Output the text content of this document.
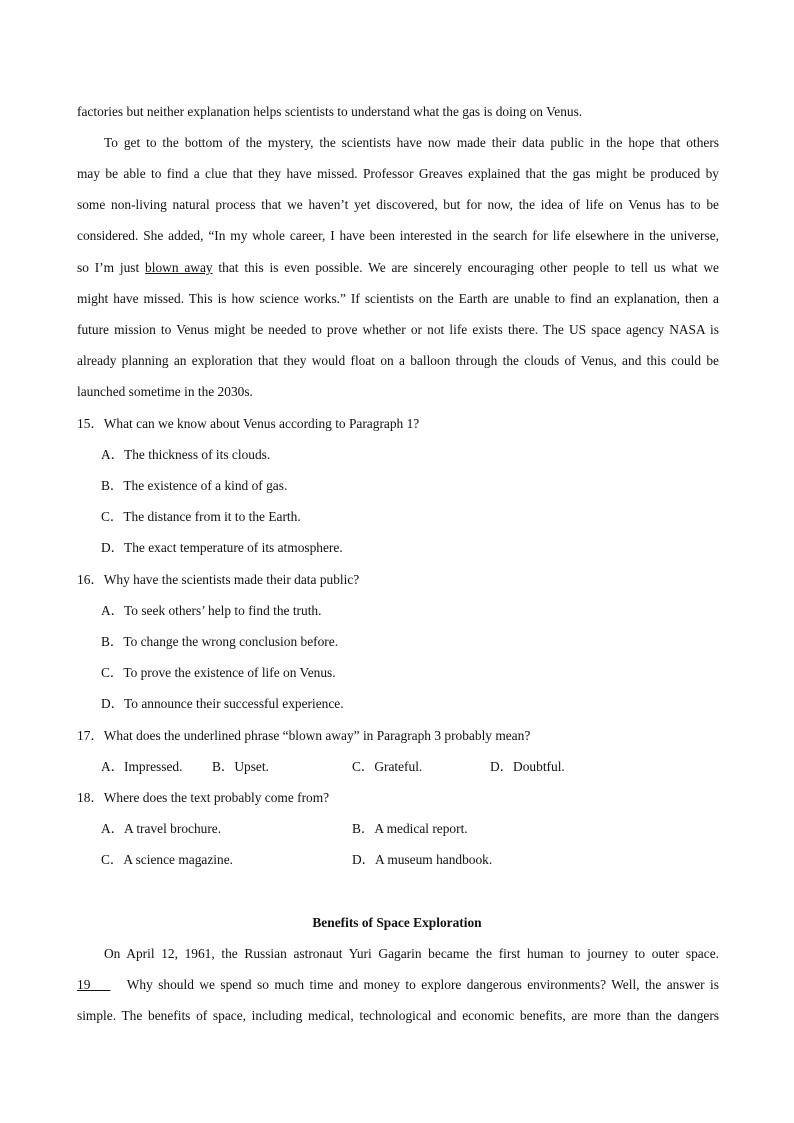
factories but neither explanation helps scientists to understand what the gas is doing on Venus.
To get to the bottom of the mystery, the scientists have now made their data public in the hope that others
may be able to find a clue that they have missed. Professor Greaves explained that the gas might be produced by
some non-living natural process that we haven’t yet discovered, but for now, the idea of life on Venus has to be
considered. She added, “In my whole career, I have been interested in the search for life elsewhere in the universe,
so I’m just blown away that this is even possible. We are sincerely encouraging other people to tell us what we
might have missed. This is how science works.” If scientists on the Earth are unable to find an explanation, then a
future mission to Venus might be needed to prove whether or not life exists there. The US space agency NASA is
already planning an exploration that they would float on a balloon through the clouds of Venus, and this could be
launched sometime in the 2030s.
15．What can we know about Venus according to Paragraph 1?
A．The thickness of its clouds.
B．The existence of a kind of gas.
C．The distance from it to the Earth.
D．The exact temperature of its atmosphere.
16．Why have the scientists made their data public?
A．To seek others’ help to find the truth.
B．To change the wrong conclusion before.
C．To prove the existence of life on Venus.
D．To announce their successful experience.
17．What does the underlined phrase “blown away” in Paragraph 3 probably mean?
A．Impressed. B．Upset.	C．Grateful.	D．Doubtful.
18．Where does the text probably come from?
A．A travel brochure.	B．A medical report.
C．A science magazine.	D．A museum handbook.
Benefits of Space Exploration
On April 12, 1961, the Russian astronaut Yuri Gagarin became the first human to journey to outer space.
19	Why should we spend so much time and money to explore dangerous environments? Well, the answer is
simple. The benefits of space, including medical, technological and economic benefits, are more than the dangers
